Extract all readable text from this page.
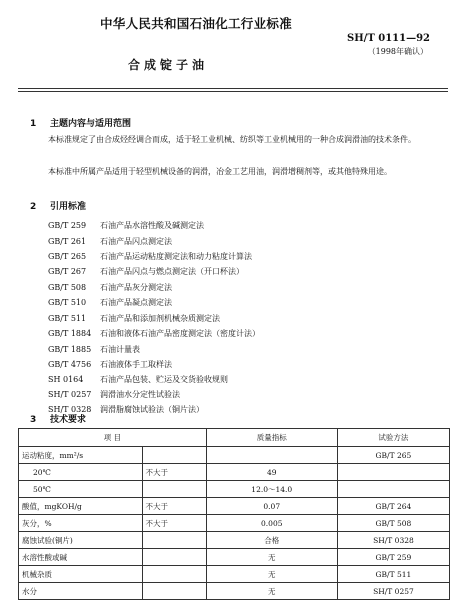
中华人民共和国石油化工行业标准
SH/T 0111—92
（1998年确认）
合成锭子油
1 主题内容与适用范围
本标准规定了由合成烃经调合而成，适于轻工业机械、纺织等工业机械用的一种合成润滑油的技术条件。
本标准中所属产品适用于轻型机械设备的润滑，冶金工艺用油，润滑增稠剂等，或其他特殊用途。
2 引用标准
GB/T 259 石油产品水溶性酸及碱测定法
GB/T 261 石油产品闪点测定法
GB/T 265 石油产品运动粘度测定法和动力粘度计算法
GB/T 267 石油产品闪点与燃点测定法（开口杯法）
GB/T 508 石油产品灰分测定法
GB/T 510 石油产品凝点测定法
GB/T 511 石油产品和添加剂机械杂质测定法
GB/T 1884 石油和液体石油产品密度测定法（密度计法）
GB/T 1885 石油计量表
GB/T 4756 石油液体手工取样法
SH 0164 石油产品包装、贮运及交货验收规则
SH/T 0257 润滑油水分定性试验法
SH/T 0328 润滑脂腐蚀试验法（铜片法）
3 技术要求
项 目		质量指标	试验方法
运动粘度，mm²/s			GB/T 265
20℃	不大于	49	
50℃		12.0～14.0	
酸值，mgKOH/g	不大于	0.07	GB/T 264
灰分，%	不大于	0.005	GB/T 508
腐蚀试验(铜片)		合格	SH/T 0328
水溶性酸或碱		无	GB/T 259
机械杂质		无	GB/T 511
水分		无	SH/T 0257
